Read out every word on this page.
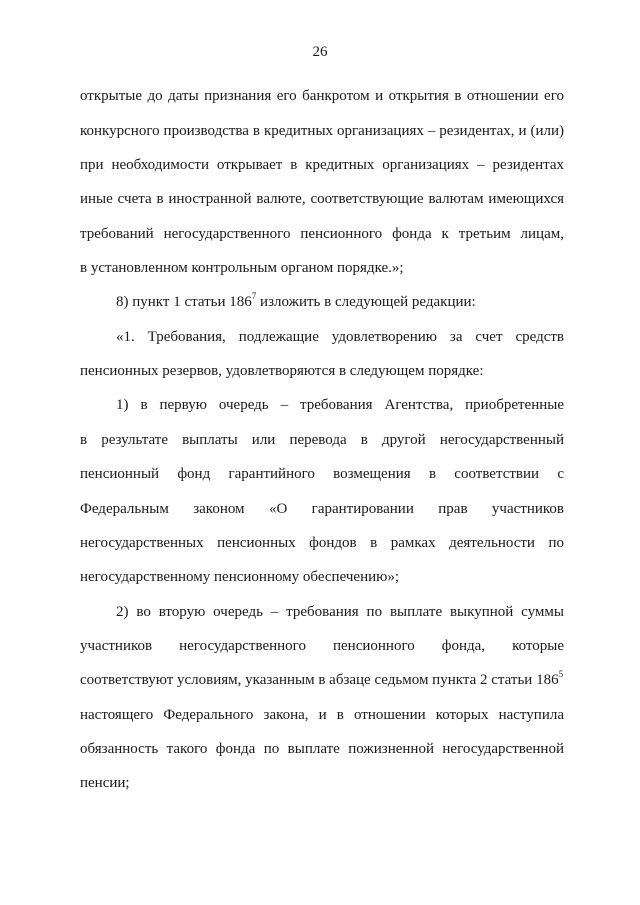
26
открытые до даты признания его банкротом и открытия в отношении его
конкурсного производства в кредитных организациях – резидентах, и (или)
при необходимости открывает в кредитных организациях – резидентах
иные счета в иностранной валюте, соответствующие валютам имеющихся
требований негосударственного пенсионного фонда к третьим лицам,
в установленном контрольным органом порядке.»;
8) пункт 1 статьи $186^7$ изложить в следующей редакции:
«1. Требования, подлежащие удовлетворению за счет средств
пенсионных резервов, удовлетворяются в следующем порядке:
1) в первую очередь – требования Агентства, приобретенные
в результате выплаты или перевода в другой негосударственный
пенсионный фонд гарантийного возмещения в соответствии с
Федеральным законом «О гарантировании прав участников
негосударственных пенсионных фондов в рамках деятельности по
негосударственному пенсионному обеспечению»;
2) во вторую очередь – требования по выплате выкупной суммы
участников негосударственного пенсионного фонда, которые
соответствуют условиям, указанным в абзаце седьмом пункта 2 статьи $186^5$
настоящего Федерального закона, и в отношении которых наступила
обязанность такого фонда по выплате пожизненной негосударственной
пенсии;
